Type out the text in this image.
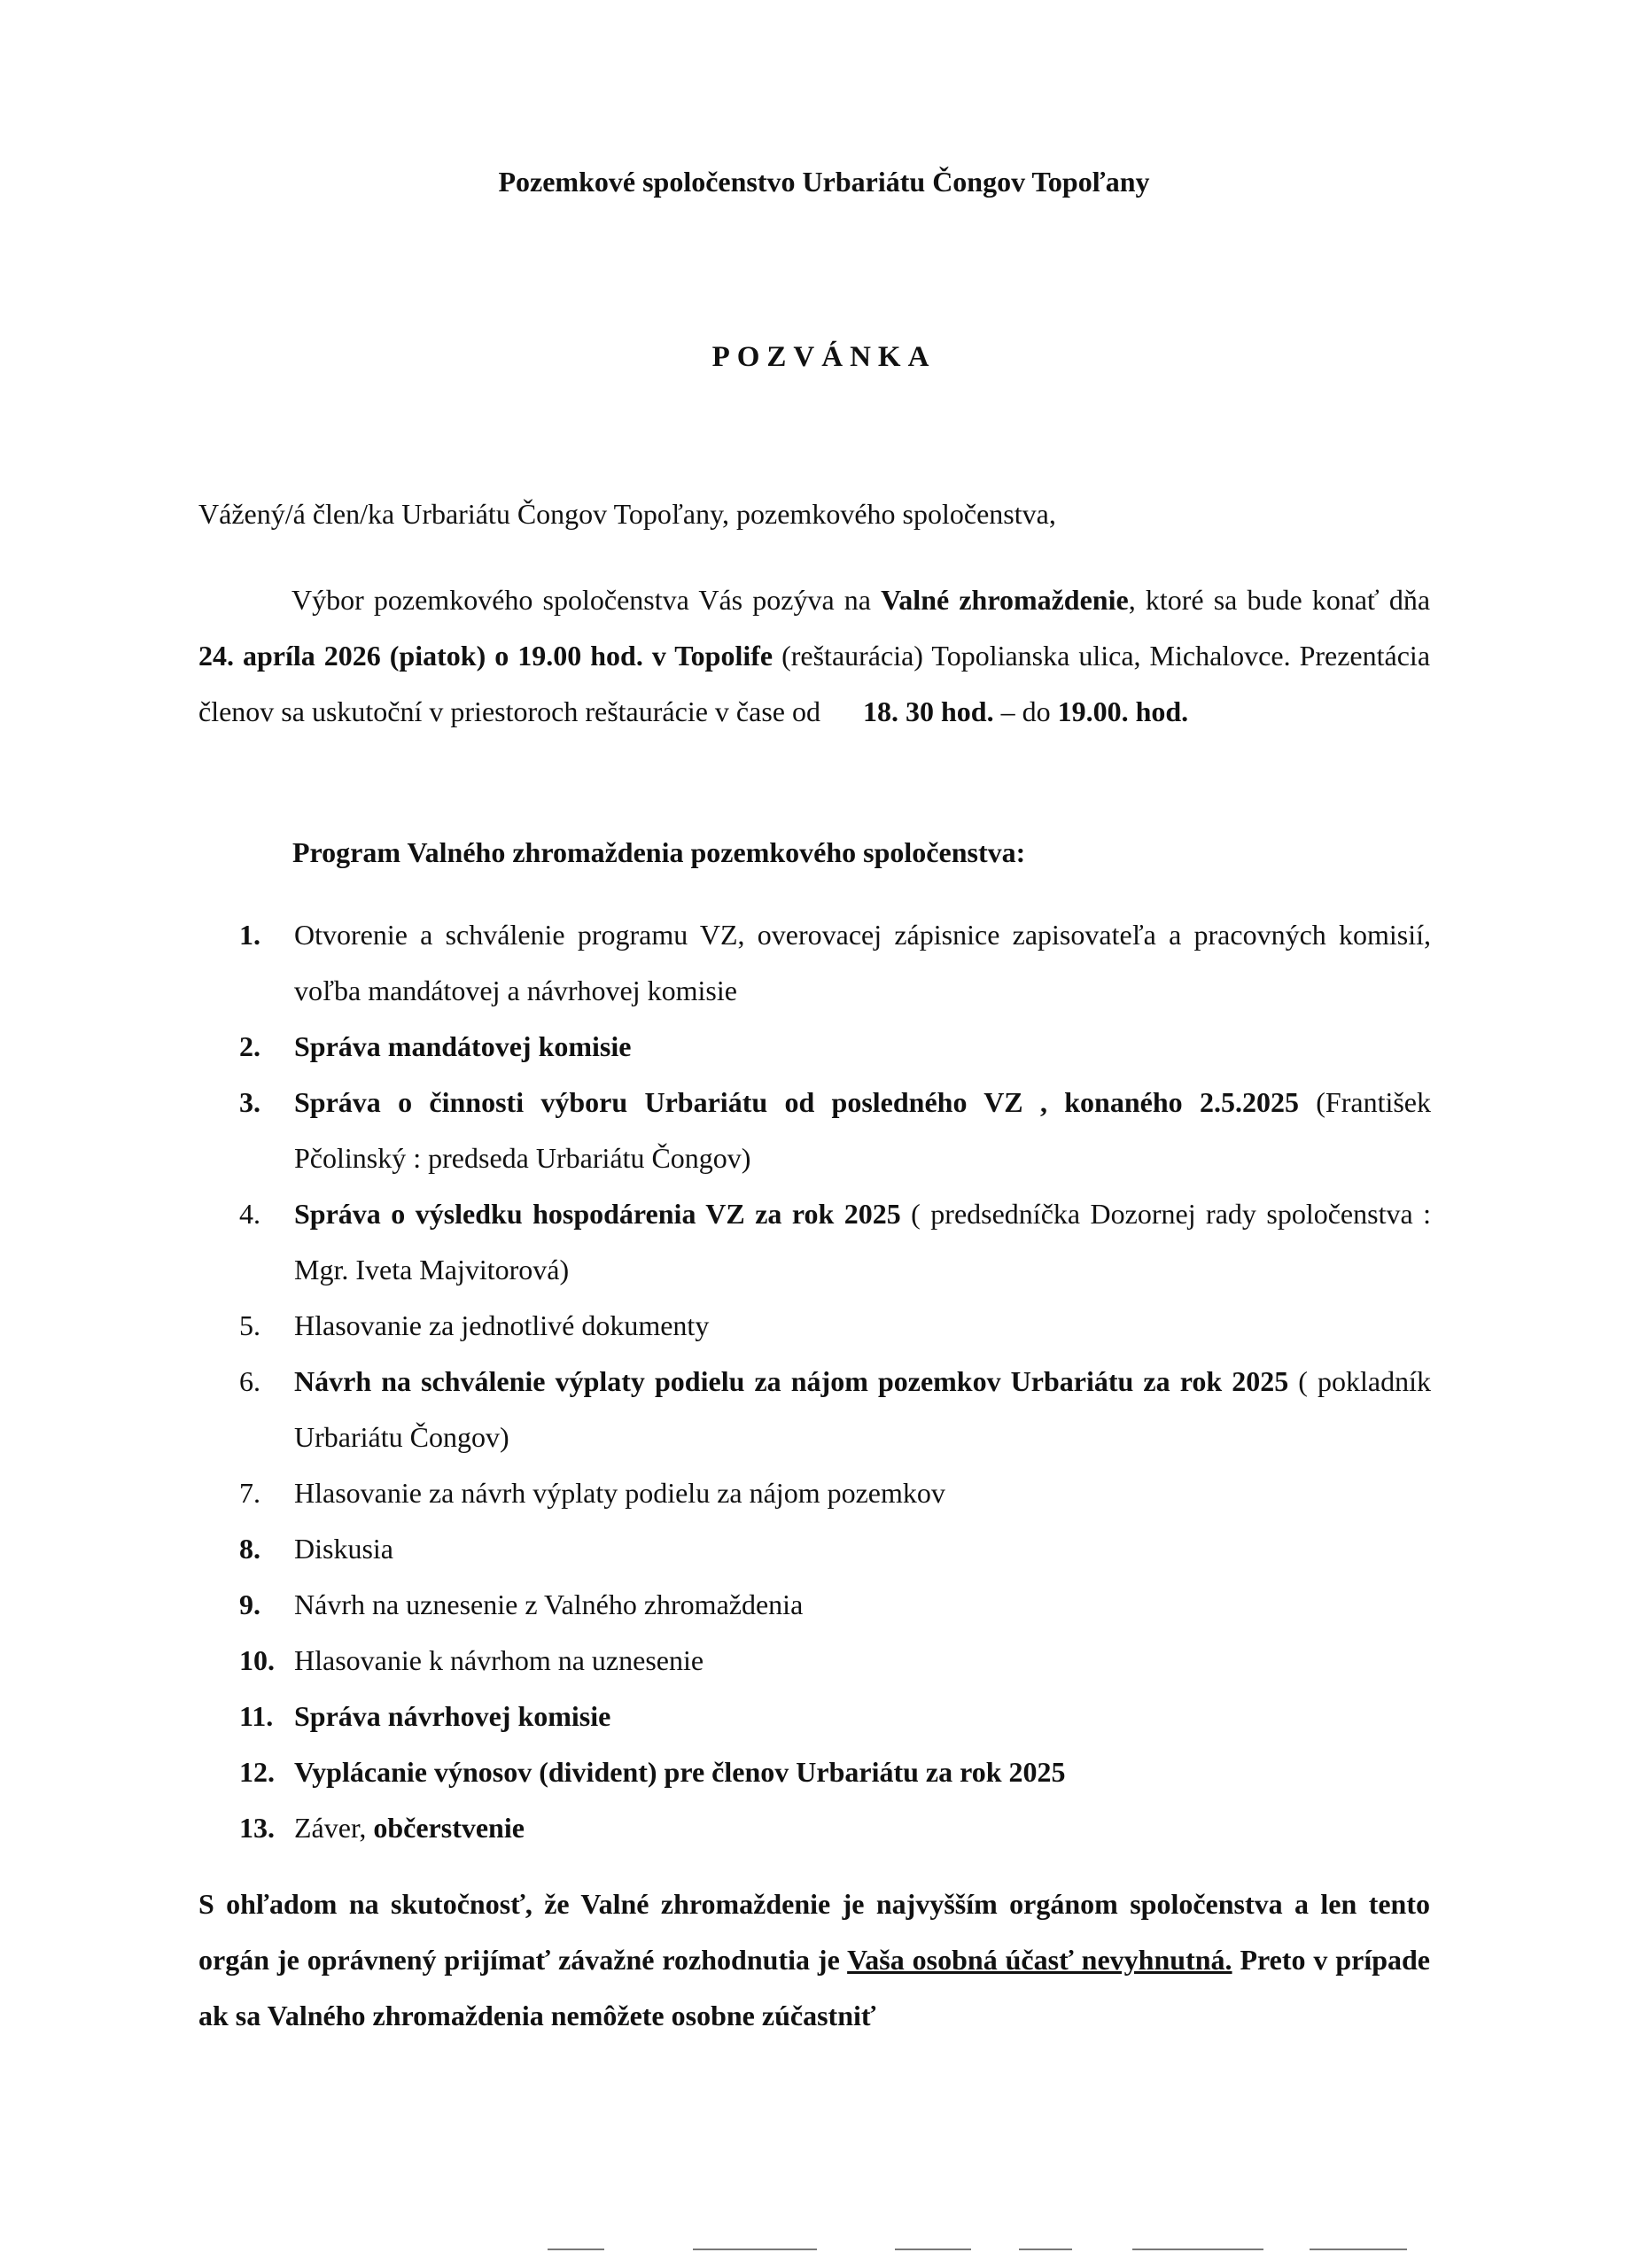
Pozemkové spoločenstvo Urbariátu Čongov Topoľany
POZVÁNKA
Vážený/á člen/ka Urbariátu Čongov Topoľany, pozemkového spoločenstva,
Výbor pozemkového spoločenstva Vás pozýva na Valné zhromaždenie, ktoré sa bude konať dňa 24. apríla 2026 (piatok) o 19.00 hod. v Topolife (reštaurácia) Topolianska ulica, Michalovce. Prezentácia členov sa uskutoční v priestoroch reštaurácie v čase od 18. 30 hod. – do 19.00. hod.
Program Valného zhromaždenia pozemkového spoločenstva:
1. Otvorenie a schválenie programu VZ, overovacej zápisnice zapisovateľa a pracovných komisií, voľba mandátovej a návrhovej komisie
2. Správa mandátovej komisie
3. Správa o činnosti výboru Urbariátu od posledného VZ , konaného 2.5.2025 (František Pčolinský : predseda Urbariátu Čongov)
4. Správa o výsledku hospodárenia VZ za rok 2025 ( predsedníčka Dozornej rady spoločenstva : Mgr. Iveta Majvitorová)
5. Hlasovanie za jednotlivé dokumenty
6. Návrh na schválenie výplaty podielu za nájom pozemkov Urbariátu za rok 2025 ( pokladník Urbariátu Čongov)
7. Hlasovanie za návrh výplaty podielu za nájom pozemkov
8. Diskusia
9. Návrh na uznesenie z Valného zhromaždenia
10. Hlasovanie k návrhom na uznesenie
11. Správa návrhovej komisie
12. Vyplácanie výnosov (divident) pre členov Urbariátu za rok 2025
13. Záver, občerstvenie
S ohľadom na skutočnosť, že Valné zhromaždenie je najvyšším orgánom spoločenstva a len tento orgán je oprávnený prijímať závažné rozhodnutia je Vaša osobná účasť nevyhnutná. Preto v prípade ak sa Valného zhromaždenia nemôžete osobne zúčastniť
